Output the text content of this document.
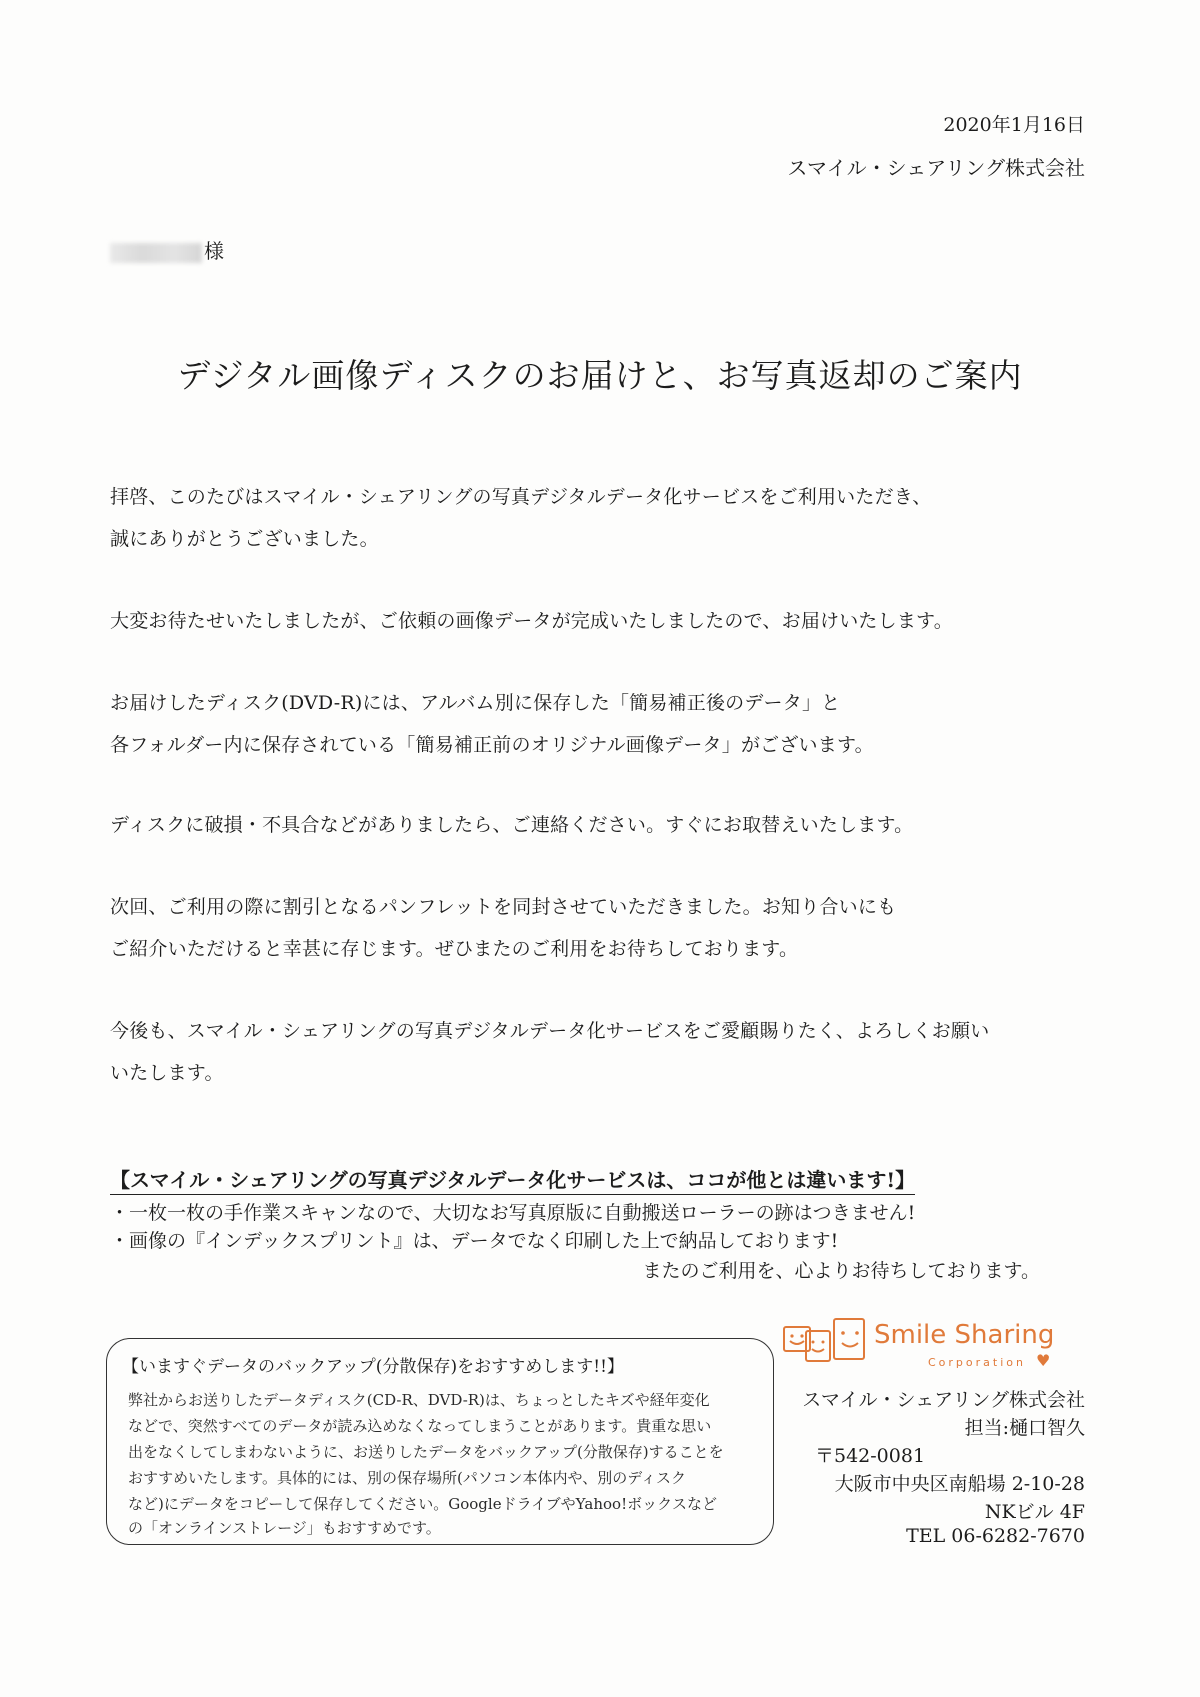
2020年1月16日
スマイル・シェアリング株式会社
様
デジタル画像ディスクのお届けと、お写真返却のご案内
拝啓、このたびはスマイル・シェアリングの写真デジタルデータ化サービスをご利用いただき、
誠にありがとうございました。
大変お待たせいたしましたが、ご依頼の画像データが完成いたしましたので、お届けいたします。
お届けしたディスク(DVD-R)には、アルバム別に保存した「簡易補正後のデータ」と
各フォルダー内に保存されている「簡易補正前のオリジナル画像データ」がございます。
ディスクに破損・不具合などがありましたら、ご連絡ください。すぐにお取替えいたします。
次回、ご利用の際に割引となるパンフレットを同封させていただきました。お知り合いにも
ご紹介いただけると幸甚に存じます。ぜひまたのご利用をお待ちしております。
今後も、スマイル・シェアリングの写真デジタルデータ化サービスをご愛顧賜りたく、よろしくお願い
いたします。
【スマイル・シェアリングの写真デジタルデータ化サービスは、ココが他とは違います!】
・一枚一枚の手作業スキャンなので、大切なお写真原版に自動搬送ローラーの跡はつきません!
・画像の『インデックスプリント』は、データでなく印刷した上で納品しております!
またのご利用を、心よりお待ちしております。
【いますぐデータのバックアップ(分散保存)をおすすめします!!】
弊社からお送りしたデータディスク(CD-R、DVD-R)は、ちょっとしたキズや経年変化
などで、突然すべてのデータが読み込めなくなってしまうことがあります。貴重な思い
出をなくしてしまわないように、お送りしたデータをバックアップ(分散保存)することを
おすすめいたします。具体的には、別の保存場所(パソコン本体内や、別のディスク
など)にデータをコピーして保存してください。GoogleドライブやYahoo!ボックスなど
の「オンラインストレージ」もおすすめです。
Smile Sharing
Corporation ♥
スマイル・シェアリング株式会社
担当:樋口智久
〒542-0081
大阪市中央区南船場 2-10-28
NKビル 4F
TEL 06-6282-7670
